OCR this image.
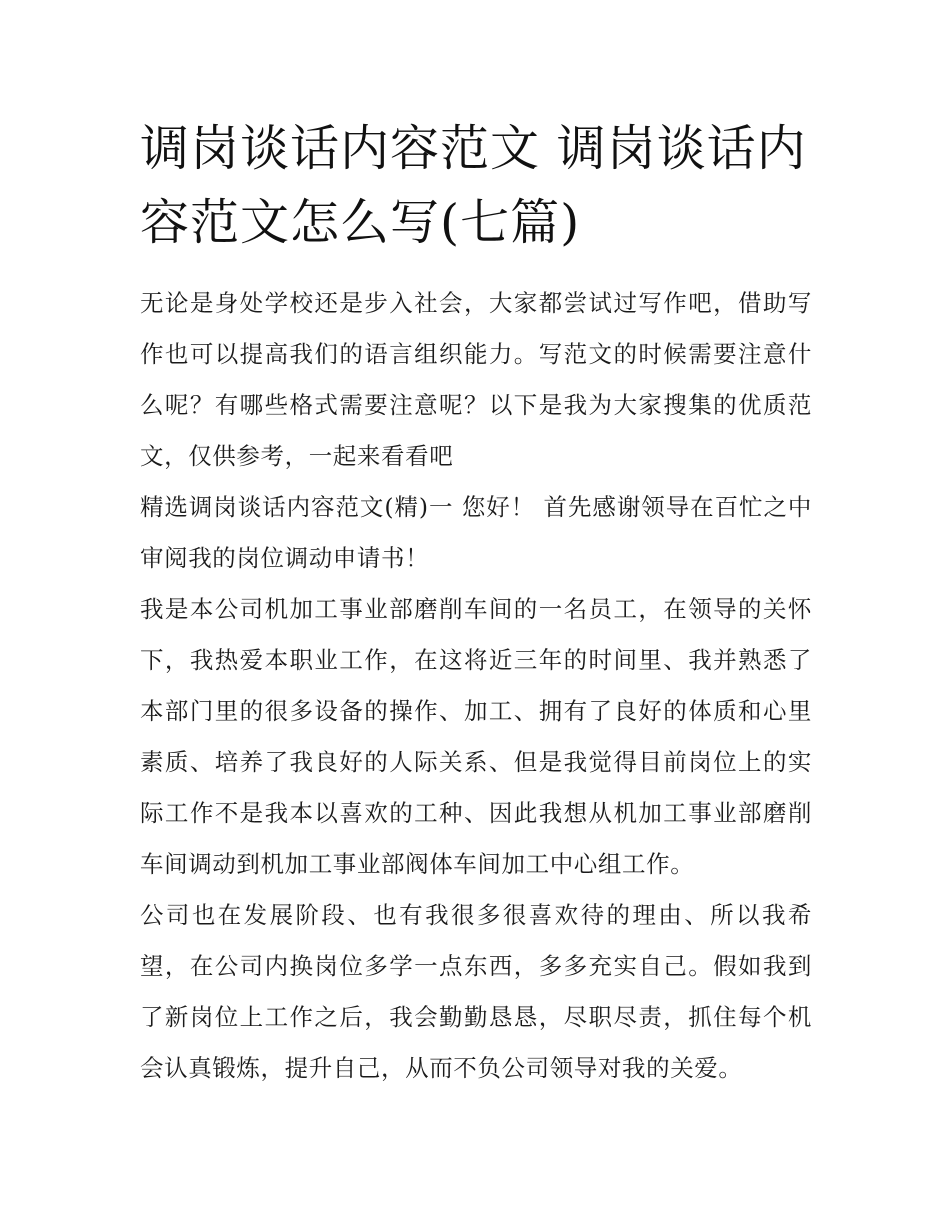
调岗谈话内容范文 调岗谈话内容范文怎么写(七篇)

无论是身处学校还是步入社会，大家都尝试过写作吧，借助写作也可以提高我们的语言组织能力。写范文的时候需要注意什么呢？有哪些格式需要注意呢？以下是我为大家搜集的优质范文，仅供参考，一起来看看吧

精选调岗谈话内容范文(精)一 您好！ 首先感谢领导在百忙之中审阅我的岗位调动申请书！

我是本公司机加工事业部磨削车间的一名员工，在领导的关怀下，我热爱本职业工作，在这将近三年的时间里、我并熟悉了本部门里的很多设备的操作、加工、拥有了良好的体质和心里素质、培养了我良好的人际关系、但是我觉得目前岗位上的实际工作不是我本以喜欢的工种、因此我想从机加工事业部磨削车间调动到机加工事业部阀体车间加工中心组工作。

公司也在发展阶段、也有我很多很喜欢待的理由、所以我希望，在公司内换岗位多学一点东西，多多充实自己。假如我到了新岗位上工作之后，我会勤勤恳恳，尽职尽责，抓住每个机会认真锻炼，提升自己，从而不负公司领导对我的关爱。
